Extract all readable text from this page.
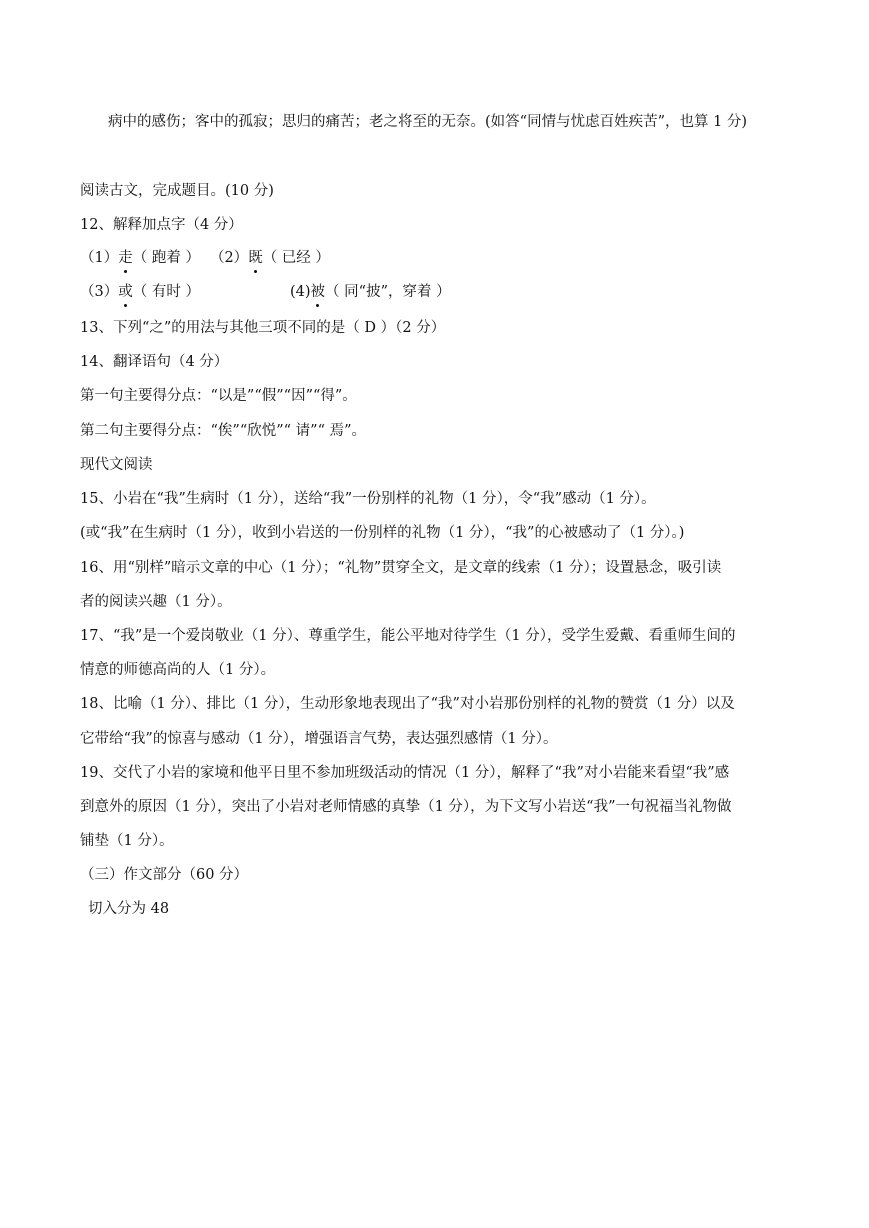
病中的感伤；客中的孤寂；思归的痛苦；老之将至的无奈。(如答“同情与忧虑百姓疾苦”，也算 1 分)
阅读古文，完成题目。(10 分)
12、解释加点字（4 分）
（1）走（ 跑着 ） （2）既（ 已经 ）
（3）或（ 有时 ）	(4)被（ 同“披”，穿着 ）
13、下列“之”的用法与其他三项不同的是（ D ）（2 分）
14、翻译语句（4 分）
第一句主要得分点：“以是”“假”“因”“得”。
第二句主要得分点：“俟”“欣悦”“ 请”“ 焉”。
现代文阅读
15、小岩在“我”生病时（1 分），送给“我”一份别样的礼物（1 分），令“我”感动（1 分）。
(或“我”在生病时（1 分），收到小岩送的一份别样的礼物（1 分），“我”的心被感动了（1 分）。)
16、用“别样”暗示文章的中心（1 分）；“礼物”贯穿全文，是文章的线索（1 分）；设置悬念，吸引读
者的阅读兴趣（1 分）。
17、“我”是一个爱岗敬业（1 分）、尊重学生，能公平地对待学生（1 分），受学生爱戴、看重师生间的
情意的师德高尚的人（1 分）。
18、比喻（1 分）、排比（1 分），生动形象地表现出了“我”对小岩那份别样的礼物的赞赏（1 分）以及
它带给“我”的惊喜与感动（1 分），增强语言气势，表达强烈感情（1 分）。
19、交代了小岩的家境和他平日里不参加班级活动的情况（1 分），解释了“我”对小岩能来看望“我”感
到意外的原因（1 分），突出了小岩对老师情感的真挚（1 分），为下文写小岩送“我”一句祝福当礼物做
铺垫（1 分）。
（三）作文部分（60 分）
切入分为 48
